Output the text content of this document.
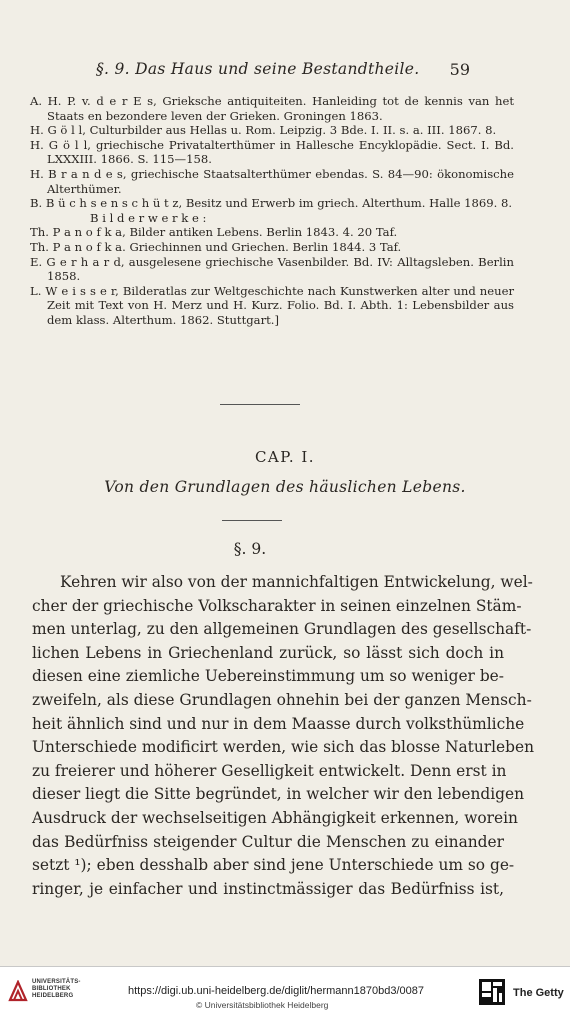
§. 9. Das Haus und seine Bestandtheile. 59

A. H. P. v. d e r E s, Grieksche antiquiteiten. Hanleiding tot de kennis van het Staats en bezondere leven der Grieken. Groningen 1863.

H. G ö l l, Culturbilder aus Hellas u. Rom. Leipzig. 3 Bde. I. II. s. a. III. 1867. 8.

H. G ö l l, griechische Privatalterthümer in Hallesche Encyklopädie. Sect. I. Bd. LXXXIII. 1866. S. 115—158.

H. B r a n d e s, griechische Staatsalterthümer ebendas. S. 84—90: ökonomische Alterthümer.

B. B ü c h s e n s c h ü t z, Besitz und Erwerb im griech. Alterthum. Halle 1869. 8.

B i l d e r w e r k e :

Th. P a n o f k a, Bilder antiken Lebens. Berlin 1843. 4. 20 Taf.

Th. P a n o f k a. Griechinnen und Griechen. Berlin 1844. 3 Taf.

E. G e r h a r d, ausgelesene griechische Vasenbilder. Bd. IV: Alltagsleben. Berlin 1858.

L. W e i s s e r, Bilderatlas zur Weltgeschichte nach Kunstwerken alter und neuer Zeit mit Text von H. Merz und H. Kurz. Folio. Bd. I. Abth. 1: Lebensbilder aus dem klass. Alterthum. 1862. Stuttgart.]

CAP. I.
Von den Grundlagen des häuslichen Lebens.
§. 9.
Kehren wir also von der mannichfaltigen Entwickelung, wel-
cher der griechische Volkscharakter in seinen einzelnen Stäm-
men unterlag, zu den allgemeinen Grundlagen des gesellschaft-
lichen Lebens in Griechenland zurück, so lässt sich doch in
diesen eine ziemliche Uebereinstimmung um so weniger be-
zweifeln, als diese Grundlagen ohnehin bei der ganzen Mensch-
heit ähnlich sind und nur in dem Maasse durch volksthümliche
Unterschiede modificirt werden, wie sich das blosse Naturleben
zu freierer und höherer Geselligkeit entwickelt. Denn erst in
dieser liegt die Sitte begründet, in welcher wir den lebendigen
Ausdruck der wechselseitigen Abhängigkeit erkennen, worein
das Bedürfniss steigender Cultur die Menschen zu einander
setzt ¹); eben desshalb aber sind jene Unterschiede um so ge-
ringer, je einfacher und instinctmässiger das Bedürfniss ist,
UNIVERSITÄTS-
BIBLIOTHEK
HEIDELBERG	https://digi.ub.uni-heidelberg.de/diglit/hermann1870bd3/0087
© Universitätsbibliothek Heidelberg
The Getty
